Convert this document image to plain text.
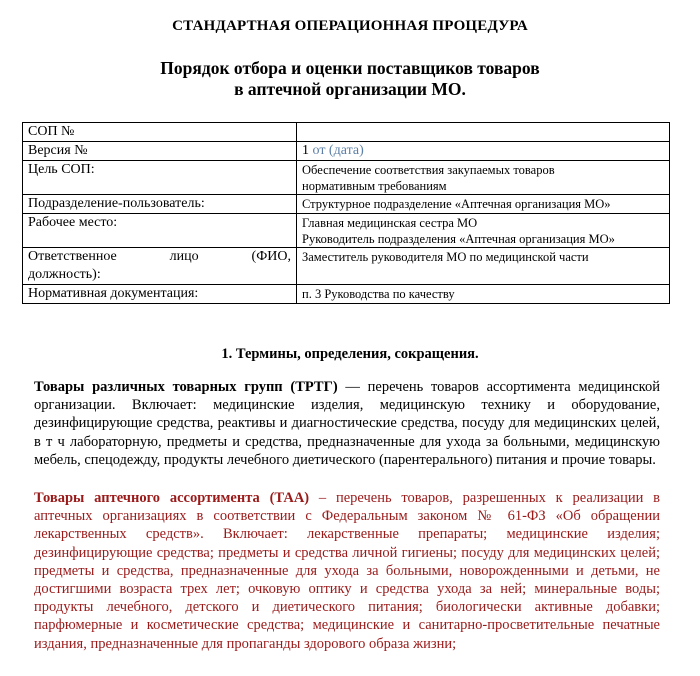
СТАНДАРТНАЯ ОПЕРАЦИОННАЯ ПРОЦЕДУРА
Порядок отбора и оценки поставщиков товаров
в аптечной организации МО.
СОП №	
Версия №	1 от (дата)
Цель СОП:	Обеспечение соответствия закупаемых товаров
нормативным требованиям

Подразделение-пользователь:	Структурное подразделение «Аптечная организация МО»
Рабочее место:	Главная медицинская сестра МО
Руководитель подразделения «Аптечная организация МО»

Ответственное лицо (ФИО,
должность):	Заместитель руководителя МО по медицинской части
Нормативная документация:	п. 3 Руководства по качеству
1. Термины, определения, сокращения.
Товары различных товарных групп (ТРТГ) — перечень товаров ассортимента медицинской организации. Включает: медицинские изделия, медицинскую технику и оборудование, дезинфицирующие средства, реактивы и диагностические средства, посуду для медицинских целей, в т ч лабораторную, предметы и средства, предназначенные для ухода за больными, медицинскую мебель, спецодежду, продукты лечебного диетического (парентерального) питания и прочие товары.
Товары аптечного ассортимента (ТАА) – перечень товаров, разрешенных к реализации в аптечных организациях в соответствии с Федеральным законом № 61-ФЗ «Об обращении лекарственных средств». Включает: лекарственные препараты; медицинские изделия; дезинфицирующие средства; предметы и средства личной гигиены; посуду для медицинских целей; предметы и средства, предназначенные для ухода за больными, новорожденными и детьми, не достигшими возраста трех лет; очковую оптику и средства ухода за ней; минеральные воды; продукты лечебного, детского и диетического питания; биологически активные добавки; парфюмерные и косметические средства; медицинские и санитарно-просветительные печатные издания, предназначенные для пропаганды здорового образа жизни;
